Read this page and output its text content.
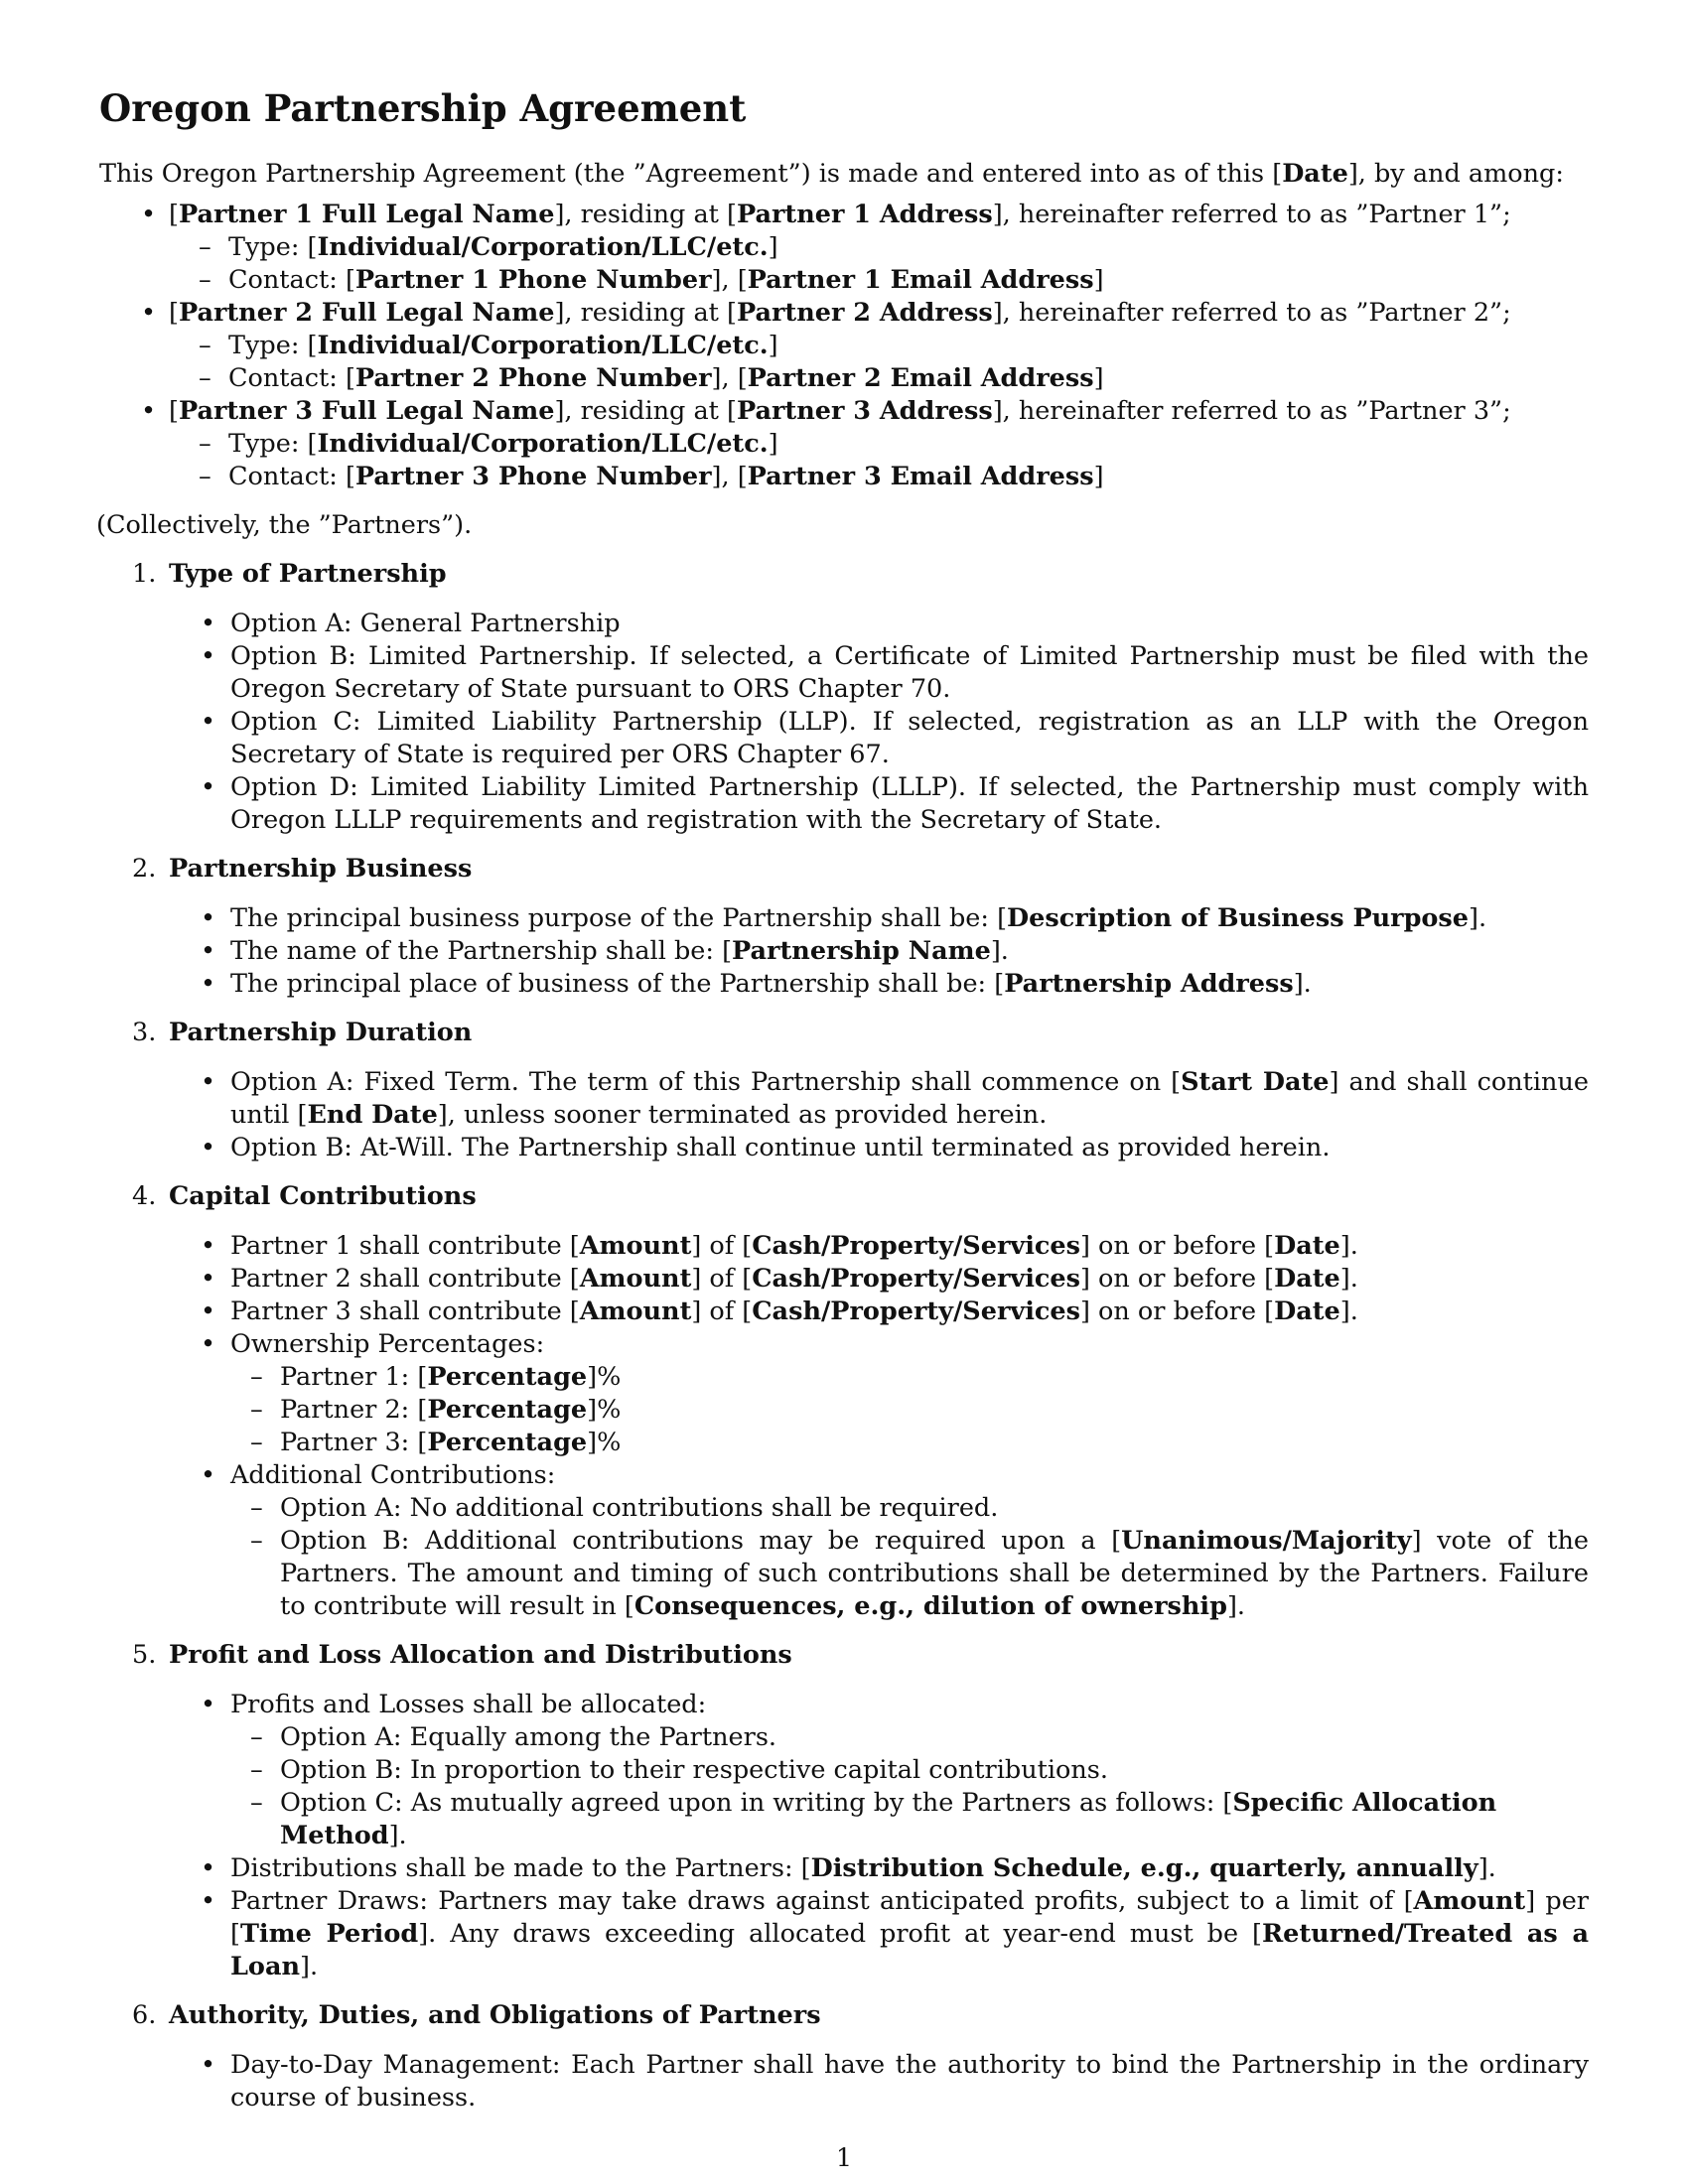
Oregon Partnership Agreement

This Oregon Partnership Agreement (the ”Agreement”) is made and entered into as of this [Date], by and among:

• [Partner 1 Full Legal Name], residing at [Partner 1 Address], hereinafter referred to as ”Partner 1”;
– Type: [Individual/Corporation/LLC/etc.]
– Contact: [Partner 1 Phone Number], [Partner 1 Email Address]
• [Partner 2 Full Legal Name], residing at [Partner 2 Address], hereinafter referred to as ”Partner 2”;
– Type: [Individual/Corporation/LLC/etc.]
– Contact: [Partner 2 Phone Number], [Partner 2 Email Address]
• [Partner 3 Full Legal Name], residing at [Partner 3 Address], hereinafter referred to as ”Partner 3”;
– Type: [Individual/Corporation/LLC/etc.]
– Contact: [Partner 3 Phone Number], [Partner 3 Email Address]

(Collectively, the ”Partners”).

1. Type of Partnership
• Option A: General Partnership
• Option B: Limited Partnership. If selected, a Certificate of Limited Partnership must be filed with the Oregon Secretary of State pursuant to ORS Chapter 70.
• Option C: Limited Liability Partnership (LLP). If selected, registration as an LLP with the Oregon Secretary of State is required per ORS Chapter 67.
• Option D: Limited Liability Limited Partnership (LLLP). If selected, the Partnership must comply with Oregon LLLP requirements and registration with the Secretary of State.
2. Partnership Business
• The principal business purpose of the Partnership shall be: [Description of Business Purpose].
• The name of the Partnership shall be: [Partnership Name].
• The principal place of business of the Partnership shall be: [Partnership Address].
3. Partnership Duration
• Option A: Fixed Term. The term of this Partnership shall commence on [Start Date] and shall continue until [End Date], unless sooner terminated as provided herein.
• Option B: At-Will. The Partnership shall continue until terminated as provided herein.
4. Capital Contributions
• Partner 1 shall contribute [Amount] of [Cash/Property/Services] on or before [Date].
• Partner 2 shall contribute [Amount] of [Cash/Property/Services] on or before [Date].
• Partner 3 shall contribute [Amount] of [Cash/Property/Services] on or before [Date].
• Ownership Percentages:
– Partner 1: [Percentage]%
– Partner 2: [Percentage]%
– Partner 3: [Percentage]%
• Additional Contributions:
– Option A: No additional contributions shall be required.
– Option B: Additional contributions may be required upon a [Unanimous/Majority] vote of the Partners. The amount and timing of such contributions shall be determined by the Partners. Failure to contribute will result in [Consequences, e.g., dilution of ownership].
5. Profit and Loss Allocation and Distributions
• Profits and Losses shall be allocated:
– Option A: Equally among the Partners.
– Option B: In proportion to their respective capital contributions.
– Option C: As mutually agreed upon in writing by the Partners as follows: [Specific Allocation Method].
• Distributions shall be made to the Partners: [Distribution Schedule, e.g., quarterly, annually].
• Partner Draws: Partners may take draws against anticipated profits, subject to a limit of [Amount] per [Time Period]. Any draws exceeding allocated profit at year-end must be [Returned/Treated as a Loan].
6. Authority, Duties, and Obligations of Partners
• Day-to-Day Management: Each Partner shall have the authority to bind the Partnership in the ordinary course of business.
1
